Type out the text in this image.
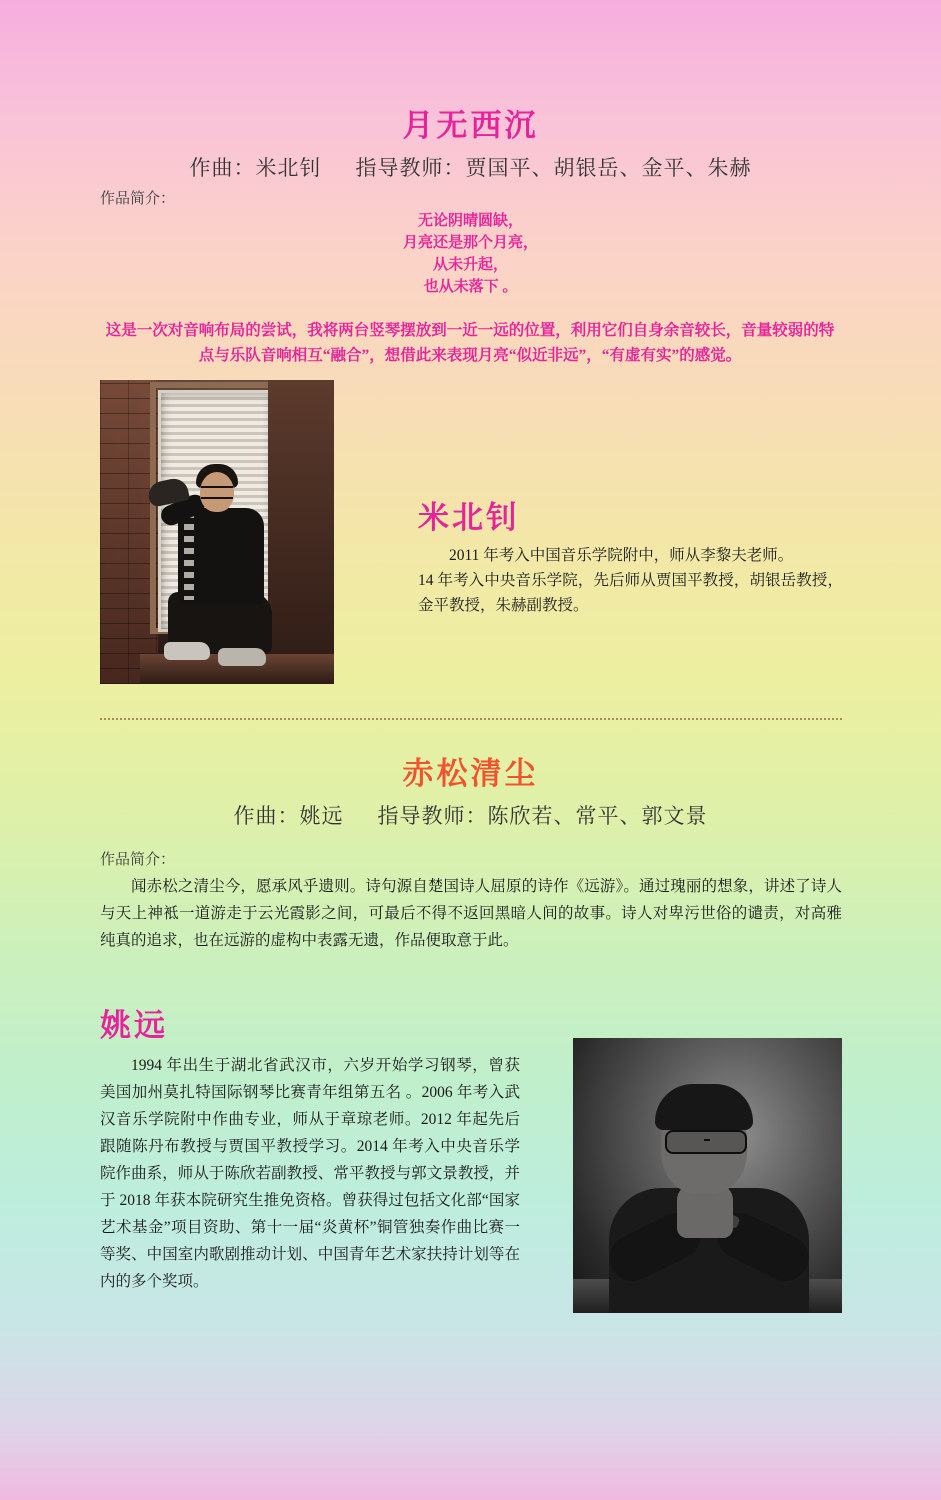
月无西沉
作曲：米北钊 指导教师：贾国平、胡银岳、金平、朱赫
作品简介：
无论阴晴圆缺，
月亮还是那个月亮，
从未升起，
也从未落下 。
这是一次对音响布局的尝试，我将两台竖琴摆放到一近一远的位置，利用它们自身余音较长，音量较弱的特点与乐队音响相互“融合”，想借此来表现月亮“似近非远”，“有虚有实”的感觉。
米北钊

2011 年考入中国音乐学院附中，师从李黎夫老师。

14 年考入中央音乐学院，先后师从贾国平教授，胡银岳教授，金平教授，朱赫副教授。

赤松清尘
作曲：姚远 指导教师：陈欣若、常平、郭文景
作品简介：

闻赤松之清尘今，愿承风乎遗则。诗句源自楚国诗人屈原的诗作《远游》。通过瑰丽的想象，讲述了诗人与天上神袛一道游走于云光霞影之间，可最后不得不返回黑暗人间的故事。诗人对卑污世俗的谴责，对高雅纯真的追求，也在远游的虚构中表露无遗，作品便取意于此。

姚远

1994 年出生于湖北省武汉市，六岁开始学习钢琴，曾获美国加州莫扎特国际钢琴比赛青年组第五名 。2006 年考入武汉音乐学院附中作曲专业，师从于章琼老师。2012 年起先后跟随陈丹布教授与贾国平教授学习。2014 年考入中央音乐学院作曲系，师从于陈欣若副教授、常平教授与郭文景教授，并于 2018 年获本院研究生推免资格。曾获得过包括文化部“国家艺术基金”项目资助、第十一届“炎黄杯”铜管独奏作曲比赛一等奖、中国室内歌剧推动计划、中国青年艺术家扶持计划等在内的多个奖项。
